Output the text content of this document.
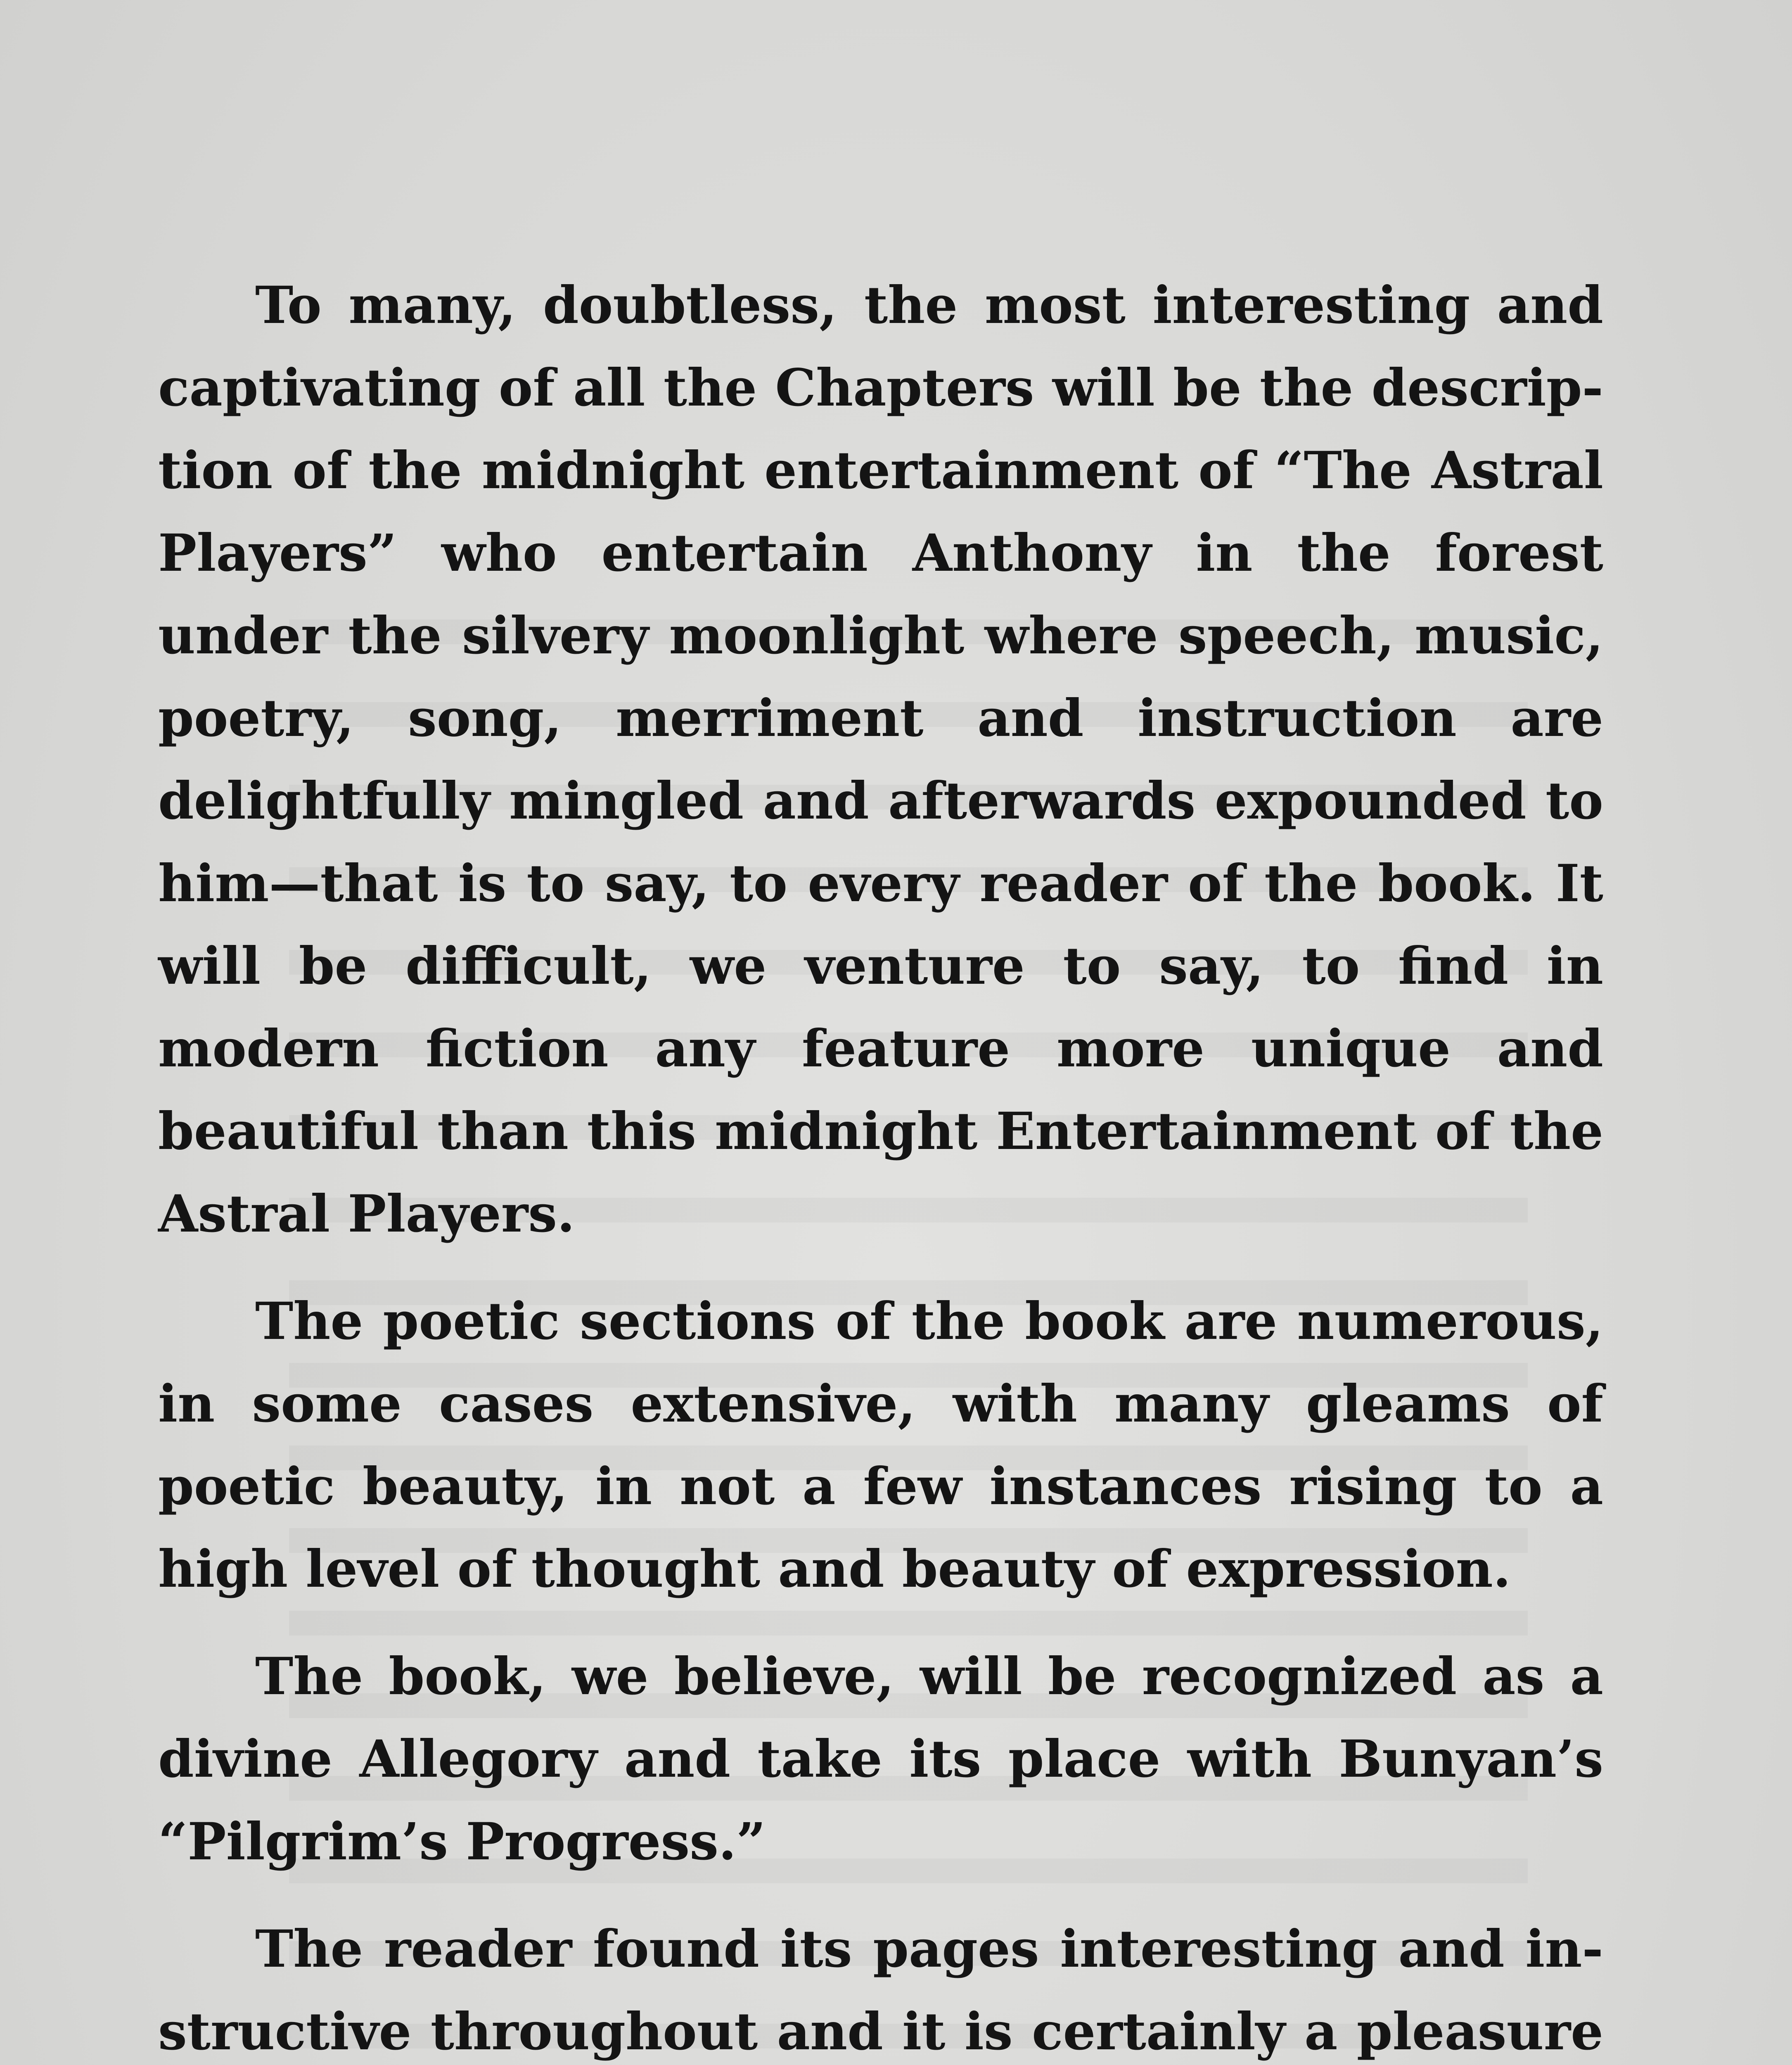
To many, doubtless, the most interesting and captivating of all the Chapters will be the description of the midnight entertainment of “The Astral Players” who entertain Anthony in the forest under the silvery moonlight where speech, music, poetry, song, merriment and instruction are delightfully mingled and afterwards expounded to him—that is to say, to every reader of the book. It will be difficult, we venture to say, to find in modern fiction any feature more unique and beautiful than this midnight Entertainment of the Astral Players.

The poetic sections of the book are numerous, in some cases extensive, with many gleams of poetic beauty, in not a few instances rising to a high level of thought and beauty of expression.

The book, we believe, will be recognized as a divine Allegory and take its place with Bunyan’s “Pilgrim’s Progress.”

The reader found its pages interesting and instructive throughout and it is certainly a pleasure
